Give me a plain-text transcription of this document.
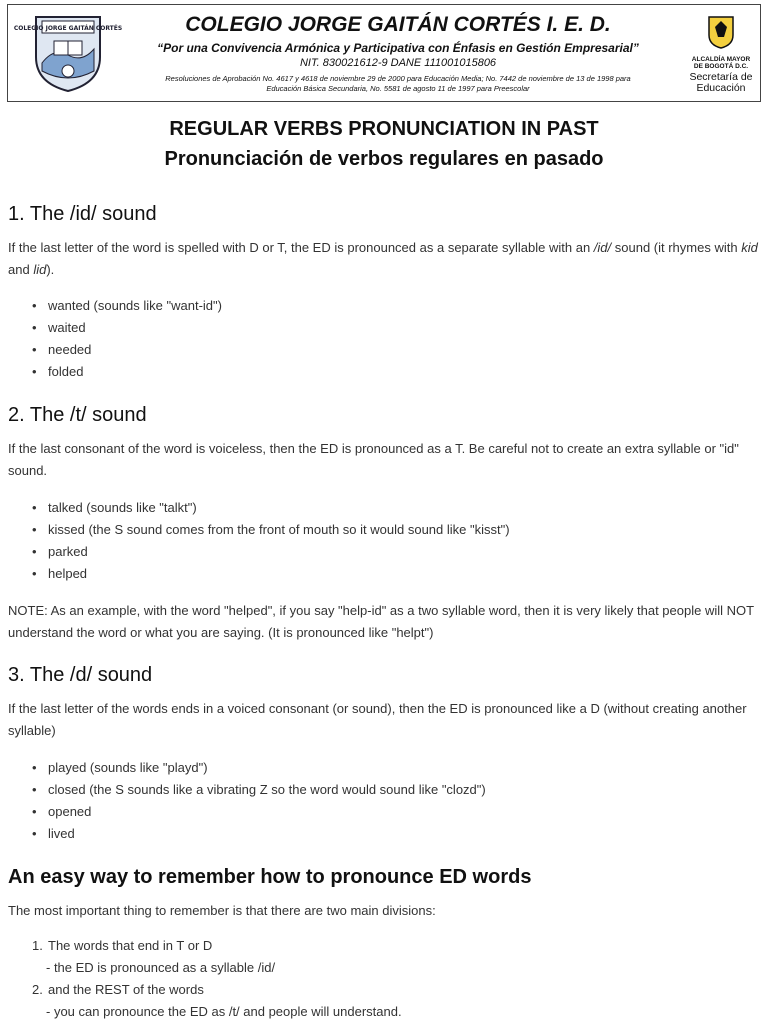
COLEGIO JORGE GAITÁN CORTÉS	COLEGIO JORGE GAITÁN CORTÉS I. E. D.
“Por una Convivencia Armónica y Participativa con Énfasis en Gestión Empresarial”
NIT. 830021612-9 DANE 111001015806
Resoluciones de Aprobación No. 4617 y 4618 de noviembre 29 de 2000 para Educación Media; No. 7442 de noviembre de 13 de 1998 para Educación Básica Secundaria, No. 5581 de agosto 11 de 1997 para Preescolar
ALCALDÍA MAYOR DE BOGOTÁ D.C.
Secretaría de Educación
REGULAR VERBS PRONUNCIATION IN PAST
Pronunciación de verbos regulares en pasado
1. The /id/ sound

If the last letter of the word is spelled with D or T, the ED is pronounced as a separate syllable with an /id/ sound (it rhymes with kid and lid).

• wanted (sounds like "want-id")
• waited
• needed
• folded
2. The /t/ sound

If the last consonant of the word is voiceless, then the ED is pronounced as a T. Be careful not to create an extra syllable or "id" sound.

• talked (sounds like "talkt")
• kissed (the S sound comes from the front of mouth so it would sound like "kisst")
• parked
• helped

NOTE: As an example, with the word "helped", if you say "help-id" as a two syllable word, then it is very likely that people will NOT understand the word or what you are saying. (It is pronounced like "helpt")

3. The /d/ sound

If the last letter of the words ends in a voiced consonant (or sound), then the ED is pronounced like a D (without creating another syllable)

• played (sounds like "playd")
• closed (the S sounds like a vibrating Z so the word would sound like "clozd")
• opened
• lived
An easy way to remember how to pronounce ED words

The most important thing to remember is that there are two main divisions:

1. The words that end in T or D
- the ED is pronounced as a syllable /id/
2. and the REST of the words
- you can pronounce the ED as /t/ and people will understand.
